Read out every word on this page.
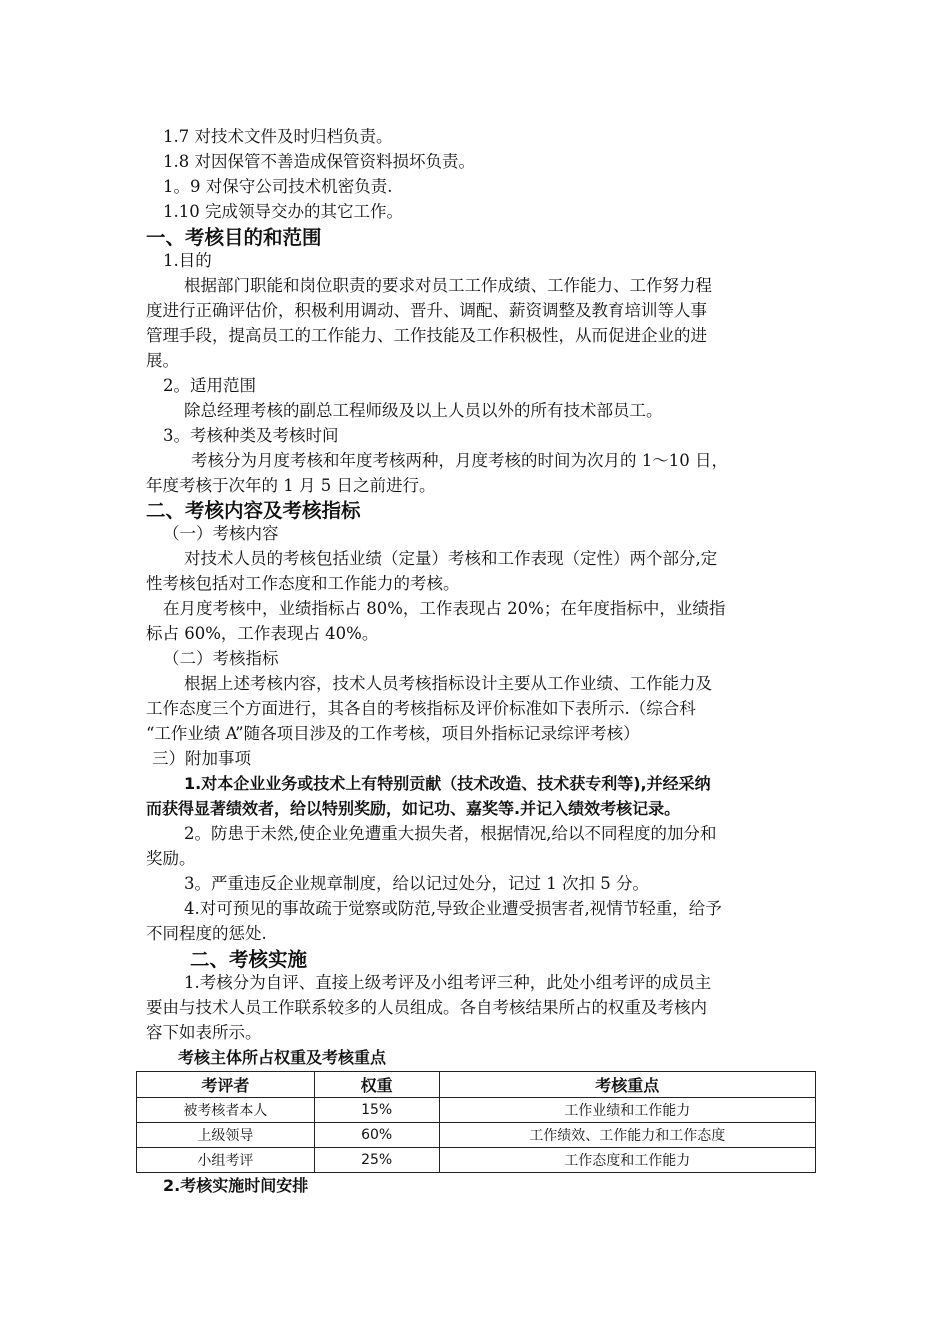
1.7 对技术文件及时归档负责。
1.8 对因保管不善造成保管资料损坏负责。
1。9 对保守公司技术机密负责.
1.10 完成领导交办的其它工作。
一、考核目的和范围
1.目的
根据部门职能和岗位职责的要求对员工工作成绩、工作能力、工作努力程
度进行正确评估价，积极利用调动、晋升、调配、薪资调整及教育培训等人事
管理手段，提高员工的工作能力、工作技能及工作积极性，从而促进企业的进
展。
2。适用范围
除总经理考核的副总工程师级及以上人员以外的所有技术部员工。
3。考核种类及考核时间
考核分为月度考核和年度考核两种，月度考核的时间为次月的 1～10 日，
年度考核于次年的 1 月 5 日之前进行。
二、考核内容及考核指标
（一）考核内容
对技术人员的考核包括业绩（定量）考核和工作表现（定性）两个部分,定
性考核包括对工作态度和工作能力的考核。
在月度考核中，业绩指标占 80%，工作表现占 20%；在年度指标中，业绩指
标占 60%，工作表现占 40%。
（二）考核指标
根据上述考核内容，技术人员考核指标设计主要从工作业绩、工作能力及
工作态度三个方面进行，其各自的考核指标及评价标准如下表所示.（综合科
“工作业绩 A”随各项目涉及的工作考核，项目外指标记录综评考核）
三）附加事项
1.对本企业业务或技术上有特别贡献（技术改造、技术获专利等),并经采纳
而获得显著绩效者，给以特别奖励，如记功、嘉奖等.并记入绩效考核记录。
2。防患于未然,使企业免遭重大损失者，根据情况,给以不同程度的加分和
奖励。
3。严重违反企业规章制度，给以记过处分，记过 1 次扣 5 分。
4.对可预见的事故疏于觉察或防范,导致企业遭受损害者,视情节轻重，给予
不同程度的惩处.
二、考核实施
1.考核分为自评、直接上级考评及小组考评三种，此处小组考评的成员主
要由与技术人员工作联系较多的人员组成。各自考核结果所占的权重及考核内
容下如表所示。
考核主体所占权重及考核重点
考评者	权重	考核重点
被考核者本人	15%	工作业绩和工作能力
上级领导	60%	工作绩效、工作能力和工作态度
小组考评	25%	工作态度和工作能力
2.考核实施时间安排
